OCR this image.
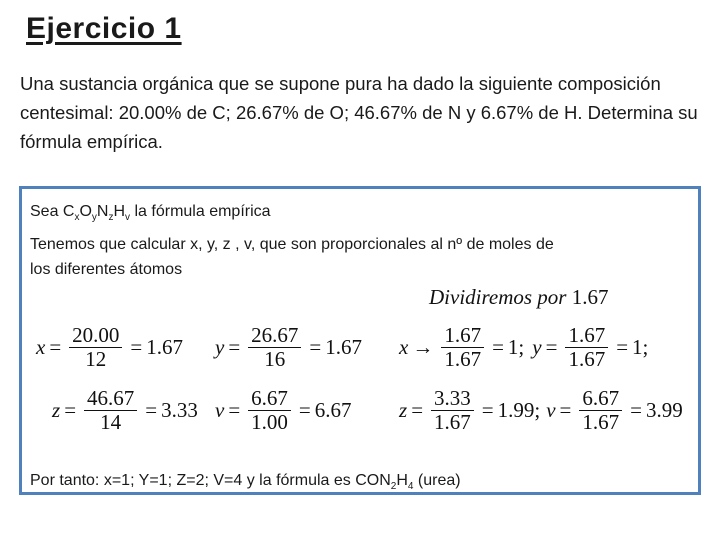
Ejercicio 1
Una sustancia orgánica que se supone pura ha dado la siguiente composición centesimal: 20.00% de C; 26.67% de O; 46.67% de N y 6.67% de H. Determina su fórmula empírica.
Sea $C_xO_yN_zH_v$ la fórmula empírica
Tenemos que calcular x, y, z , v, que son proporcionales al nº de moles de
los diferentes átomos
Dividiremos por 1.67
$x = \frac{20.00}{12} = 1.67$ $y = \frac{26.67}{16} = 1.67$ $x \to \frac{1.67}{1.67} = 1$; $y = \frac{1.67}{1.67} = 1$;
$z = \frac{46.67}{14} = 3.33$ $v = \frac{6.67}{1.00} = 6.67$ $z = \frac{3.33}{1.67} = 1.99$; $v = \frac{6.67}{1.67} = 3.99$
Por tanto: x=1; Y=1; Z=2; V=4 y la fórmula es $CON_2H_4$ (urea)
